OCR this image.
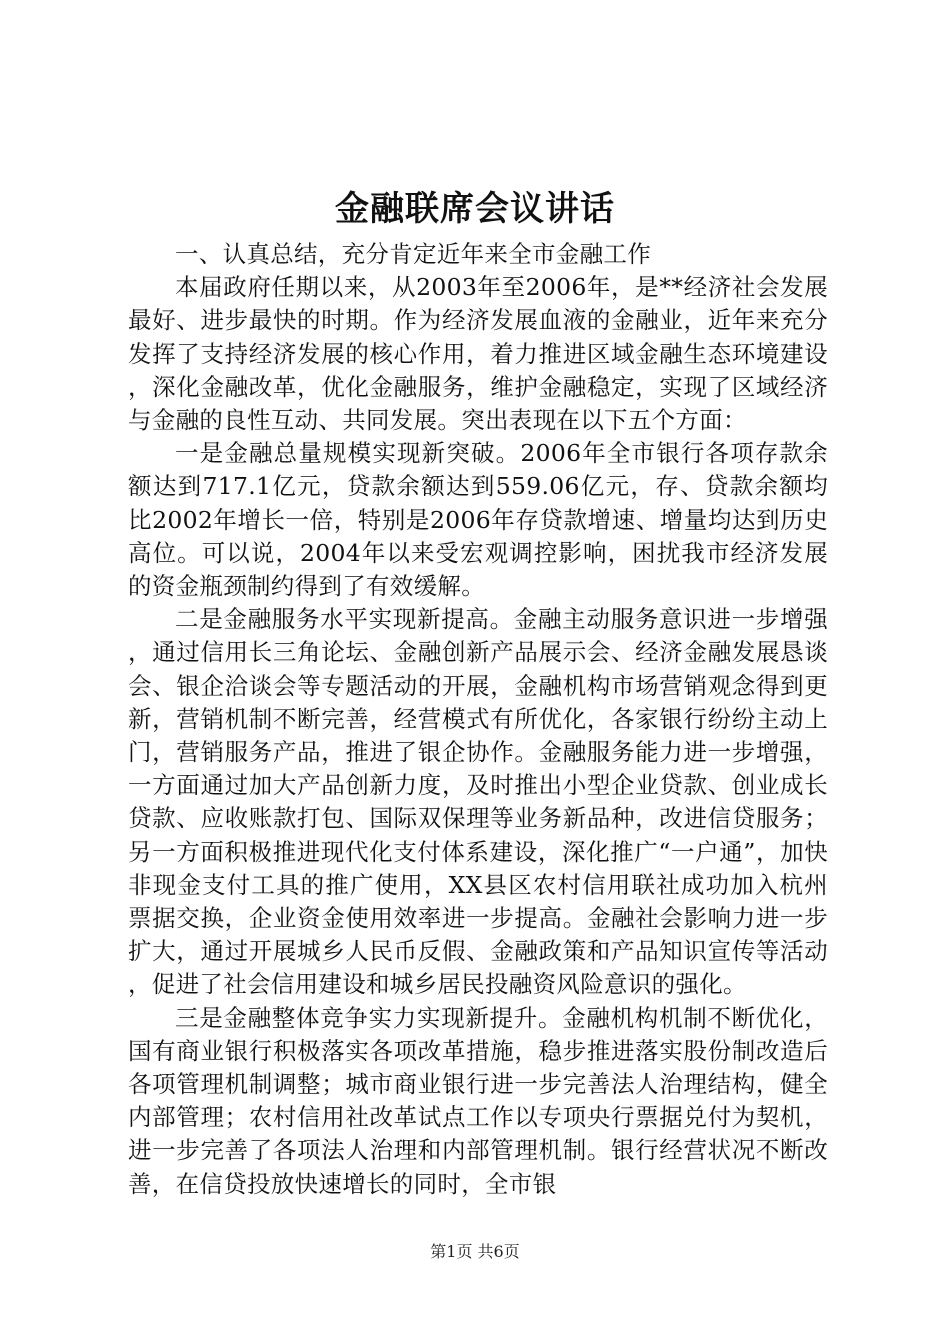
金融联席会议讲话

一、认真总结，充分肯定近年来全市金融工作

本届政府任期以来，从2003年至2006年，是**经济社会发展最好、进步最快的时期。作为经济发展血液的金融业，近年来充分发挥了支持经济发展的核心作用，着力推进区域金融生态环境建设，深化金融改革，优化金融服务，维护金融稳定，实现了区域经济与金融的良性互动、共同发展。突出表现在以下五个方面：

一是金融总量规模实现新突破。2006年全市银行各项存款余额达到717.1亿元，贷款余额达到559.06亿元，存、贷款余额均比2002年增长一倍，特别是2006年存贷款增速、增量均达到历史高位。可以说，2004年以来受宏观调控影响，困扰我市经济发展的资金瓶颈制约得到了有效缓解。

二是金融服务水平实现新提高。金融主动服务意识进一步增强，通过信用长三角论坛、金融创新产品展示会、经济金融发展恳谈会、银企洽谈会等专题活动的开展，金融机构市场营销观念得到更新，营销机制不断完善，经营模式有所优化，各家银行纷纷主动上门，营销服务产品，推进了银企协作。金融服务能力进一步增强，一方面通过加大产品创新力度，及时推出小型企业贷款、创业成长贷款、应收账款打包、国际双保理等业务新品种，改进信贷服务；另一方面积极推进现代化支付体系建设，深化推广“一户通”，加快非现金支付工具的推广使用，XX县区农村信用联社成功加入杭州票据交换，企业资金使用效率进一步提高。金融社会影响力进一步扩大，通过开展城乡人民币反假、金融政策和产品知识宣传等活动，促进了社会信用建设和城乡居民投融资风险意识的强化。

三是金融整体竞争实力实现新提升。金融机构机制不断优化，国有商业银行积极落实各项改革措施，稳步推进落实股份制改造后各项管理机制调整；城市商业银行进一步完善法人治理结构，健全内部管理；农村信用社改革试点工作以专项央行票据兑付为契机，进一步完善了各项法人治理和内部管理机制。银行经营状况不断改善，在信贷投放快速增长的同时，全市银

第1页 共6页
